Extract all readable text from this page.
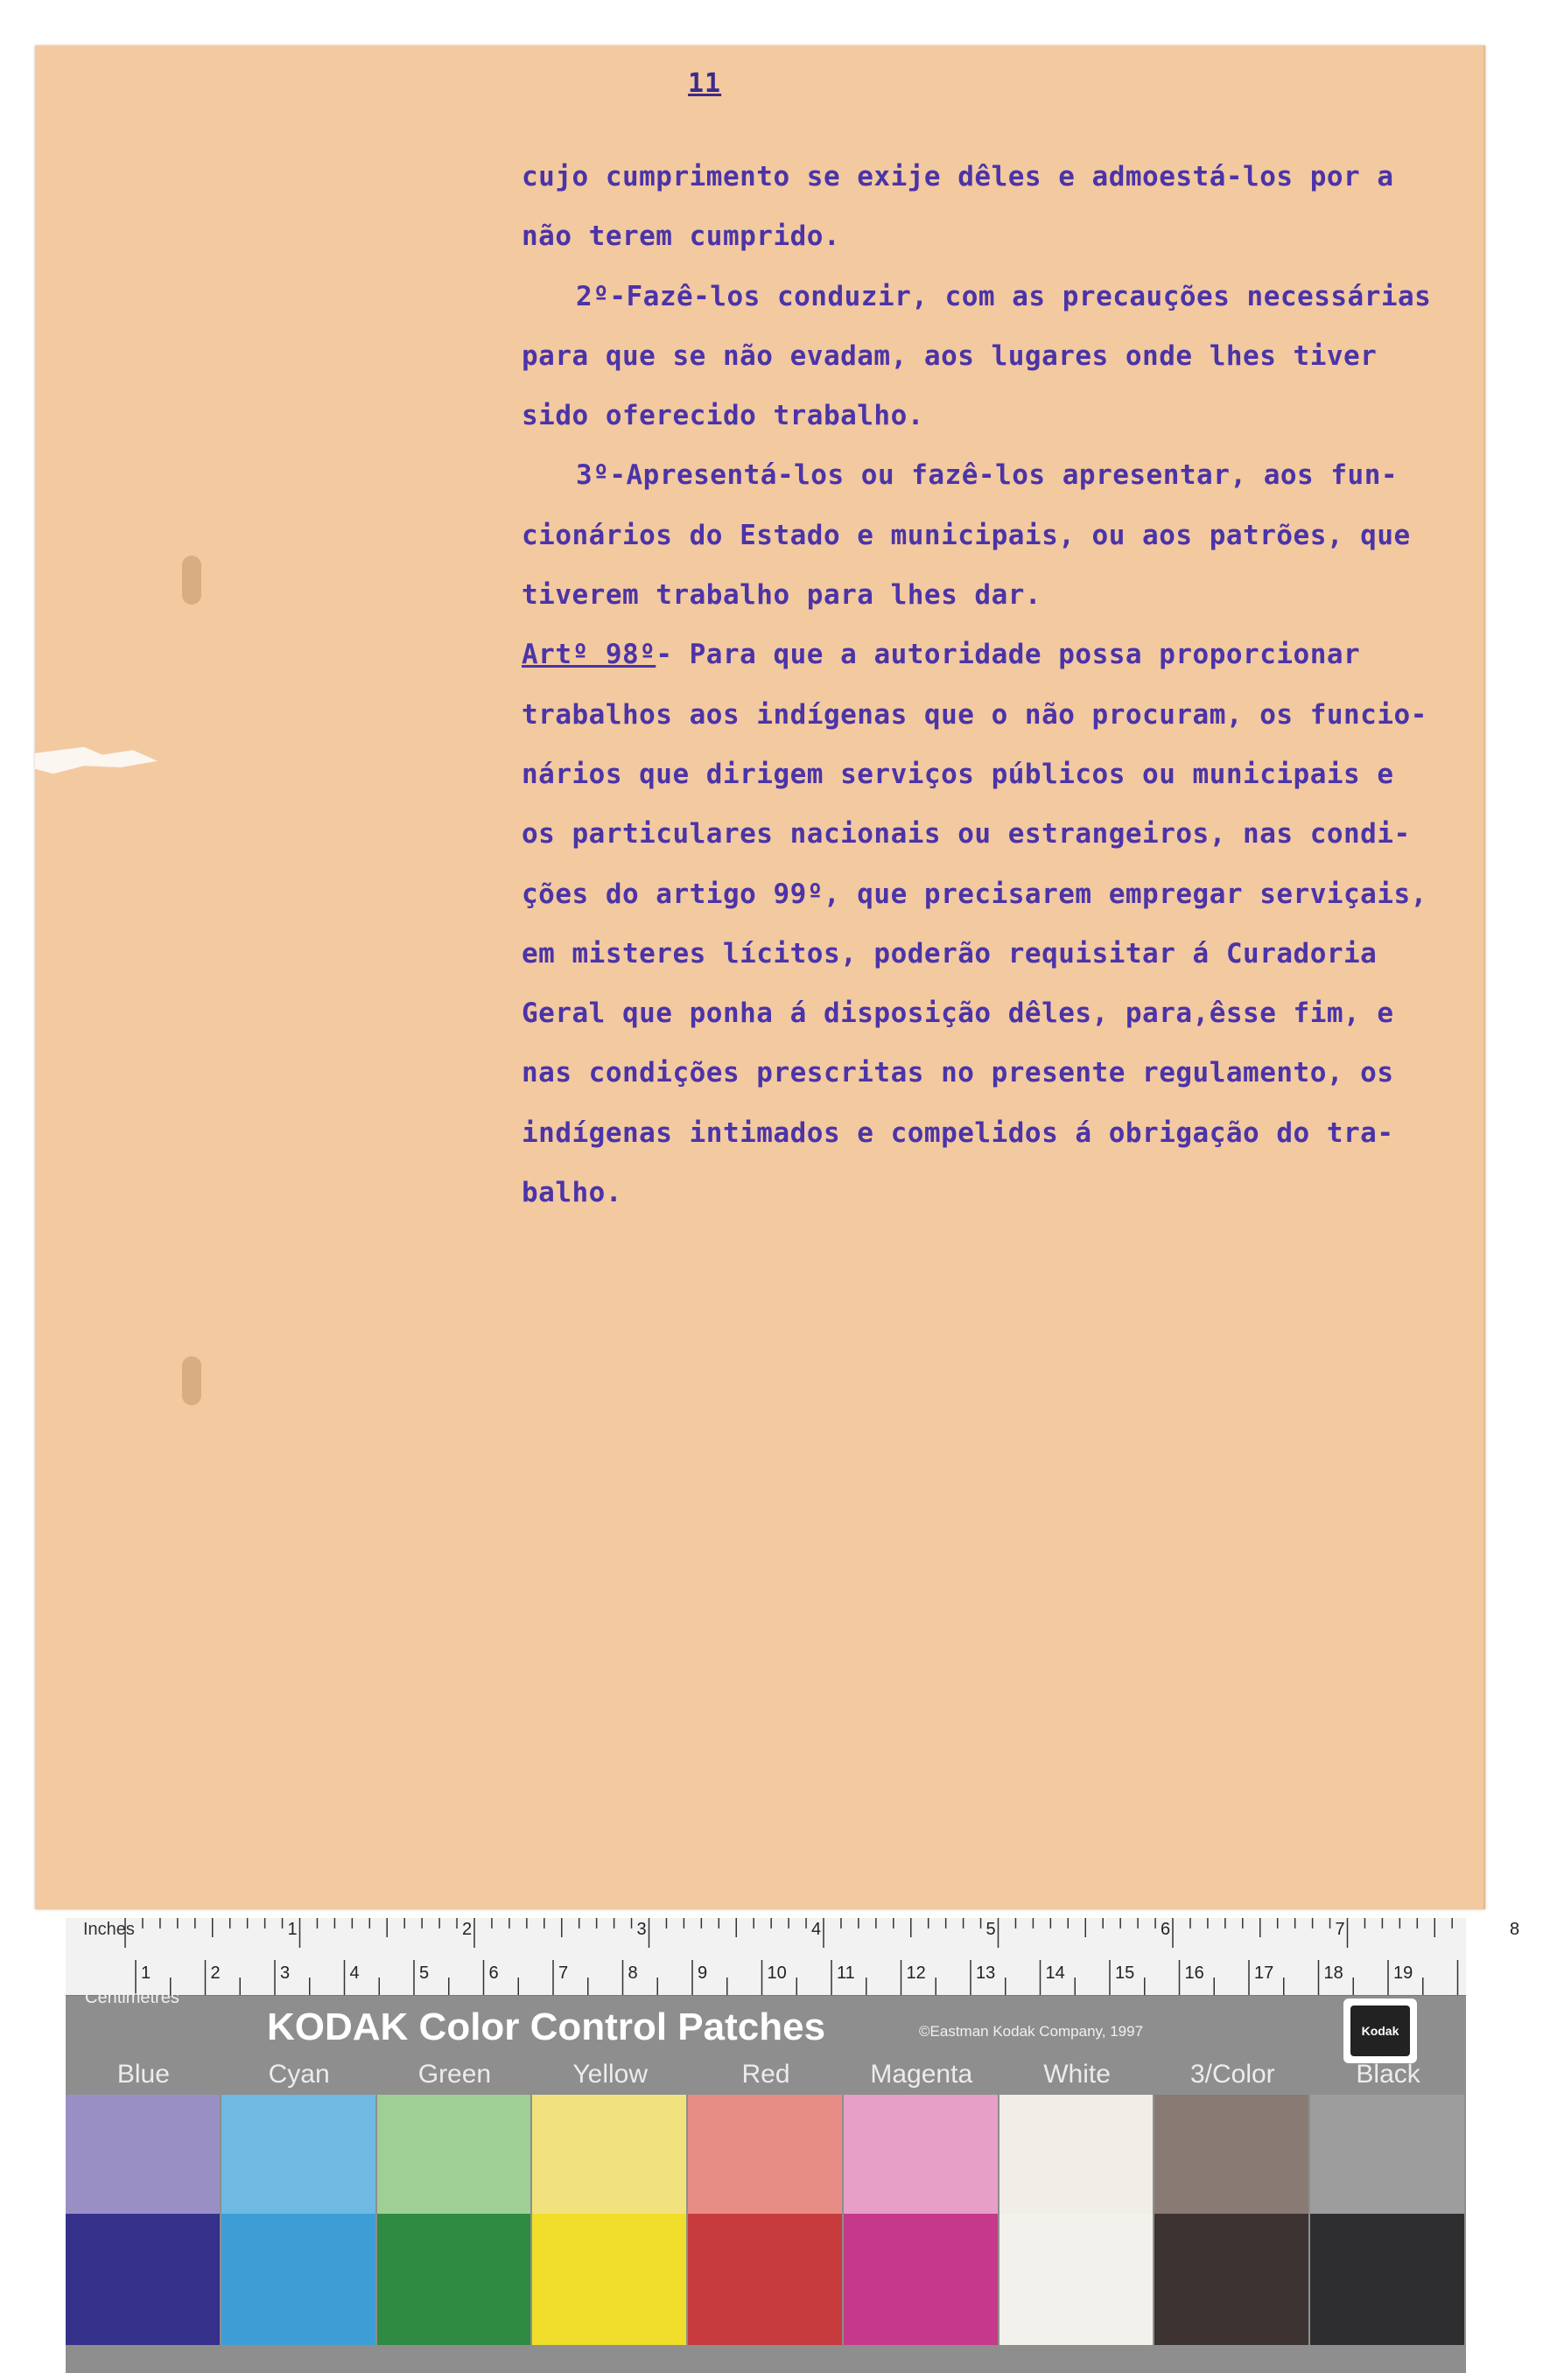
11
cujo cumprimento se exije dêles e admoestá-los por a
não terem cumprido.
2º-Fazê-los conduzir, com as precauções necessárias
para que se não evadam, aos lugares onde lhes tiver
sido oferecido trabalho.
3º-Apresentá-los ou fazê-los apresentar, aos fun-
cionários do Estado e municipais, ou aos patrões, que
tiverem trabalho para lhes dar.
Artº 98º- Para que a autoridade possa proporcionar
trabalhos aos indígenas que o não procuram, os funcio-
nários que dirigem serviços públicos ou municipais e
os particulares nacionais ou estrangeiros, nas condi-
ções do artigo 99º, que precisarem empregar serviçais,
em misteres lícitos, poderão requisitar á Curadoria
Geral que ponha á disposição dêles, para,êsse fim, e
nas condições prescritas no presente regulamento, os
indígenas intimados e compelidos á obrigação do tra-
balho.
Inches	1	2	3	4	5	6	7	8
1	2	3	4	5	6	7	8	9	10	11	12	13	14	15	16	17	18	19
Centimetres
KODAK Color Control Patches	©Eastman Kodak Company, 1997	Kodak
Blue	Cyan	Green	Yellow	Red	Magenta	White	3/Color	Black
